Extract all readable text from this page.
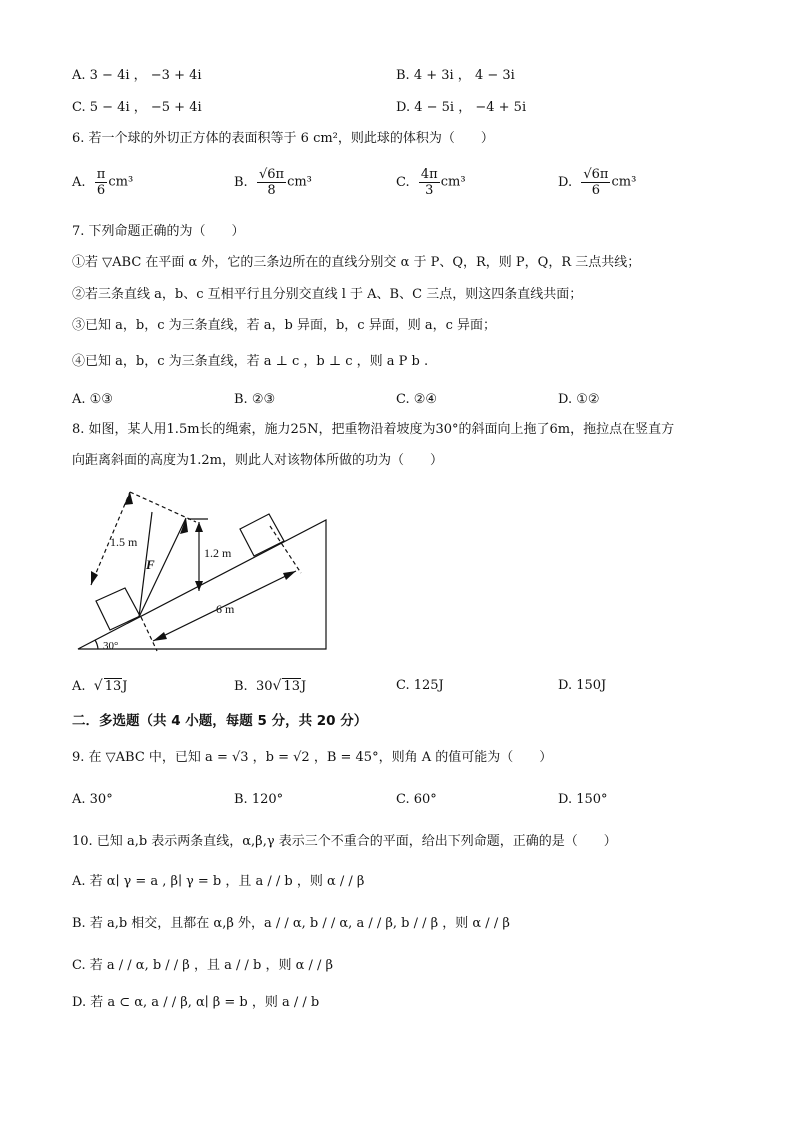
A. 3 − 4i ， −3 + 4i	B. 4 + 3i ， 4 − 3i
C. 5 − 4i ， −5 + 4i	D. 4 − 5i ， −4 + 5i
6. 若一个球的外切正方体的表面积等于 6 cm²，则此球的体积为（　　）
A. $\frac{\pi}{6} cm^3$	B. $\frac{√6\pi}{8} cm^3$	C. $\frac{4\pi}{3} cm^3$	D. $\frac{√6\pi}{6} cm^3$
7. 下列命题正确的为（　　）
①若 ▽ABC 在平面 α 外，它的三条边所在的直线分别交 α 于 P、Q，R，则 P，Q，R 三点共线；
②若三条直线 a，b、c 互相平行且分别交直线 l 于 A、B、C 三点，则这四条直线共面；
③已知 a，b，c 为三条直线，若 a，b 异面，b，c 异面，则 a，c 异面；
④已知 a，b，c 为三条直线，若 a ⊥ c ，b ⊥ c ，则 a P b .
A. ①③	B. ②③	C. ②④	D. ①②
8. 如图，某人用1.5m长的绳索，施力25N，把重物沿着坡度为30°的斜面向上拖了6m，拖拉点在竖直方
向距离斜面的高度为1.2m，则此人对该物体所做的功为（　　）
1.5 m
1.2 m
F
6 m
30°
A. √ 13J	B. 30√ 13J	C. 125J	D. 150J
二．多选题（共 4 小题，每题 5 分，共 20 分）
9. 在 ▽ABC 中，已知 a = √3 ，b = √2 ，B = 45°，则角 A 的值可能为（　　）
A. 30°	B. 120°	C. 60°	D. 150°
10. 已知 a,b 表示两条直线，α,β,γ 表示三个不重合的平面，给出下列命题，正确的是（　　）
A. 若 α∣ γ = a , β∣ γ = b ，且 a / / b ，则 α / / β
B. 若 a,b 相交，且都在 α,β 外，a / / α, b / / α, a / / β, b / / β ，则 α / / β
C. 若 a / / α, b / / β ，且 a / / b ，则 α / / β
D. 若 a ⊂ α, a / / β, α∣ β = b ，则 a / / b
